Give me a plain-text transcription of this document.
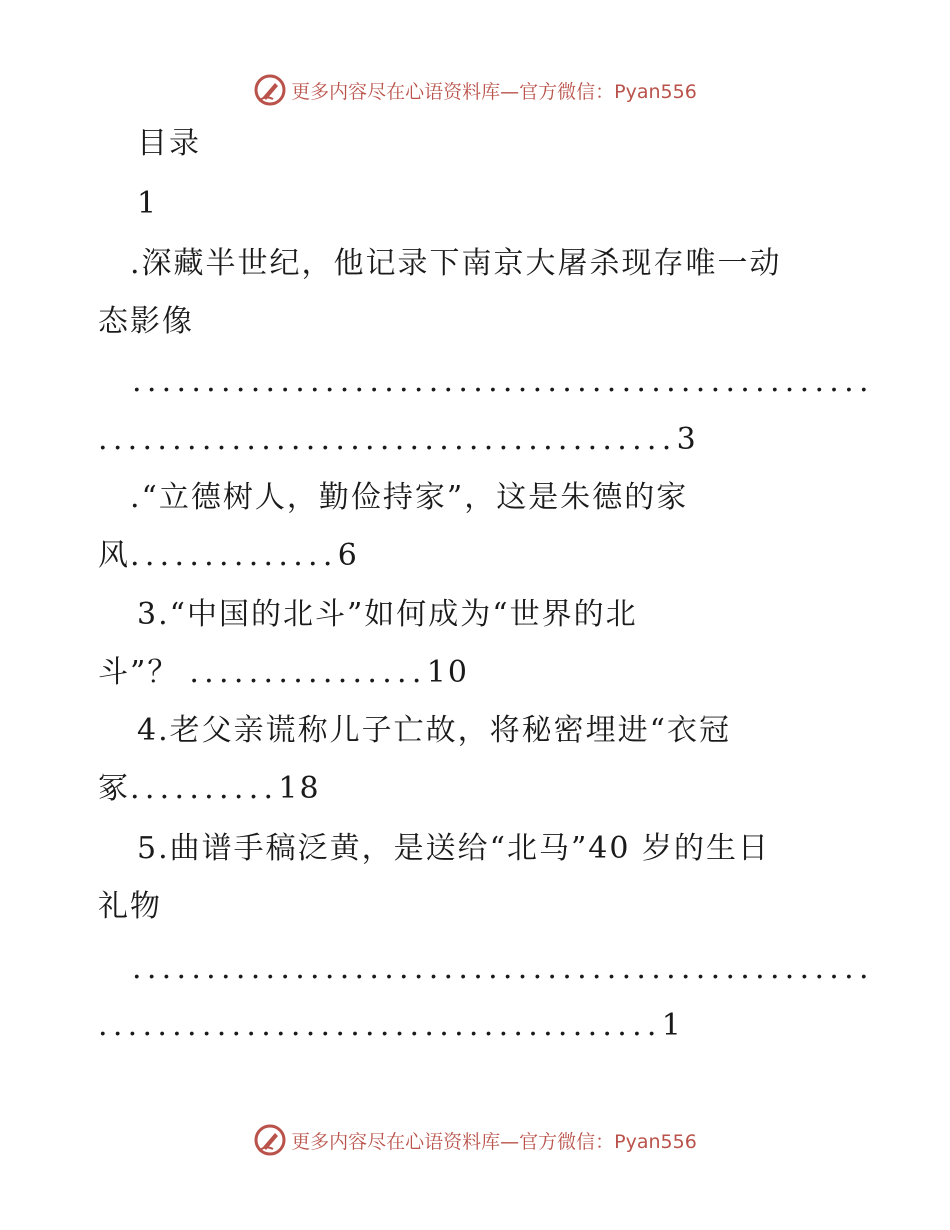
更多内容尽在心语资料库—官方微信：Pyan556
目录
1
.深藏半世纪，他记录下南京大屠杀现存唯一动
态影像
..................................................
.......................................3
.“立德树人，勤俭持家”，这是朱德的家
风..............6
3.“中国的北斗”如何成为“世界的北
斗”？ ................10
4.老父亲谎称儿子亡故，将秘密埋进“衣冠
冢..........18
5.曲谱手稿泛黄，是送给“北马”40 岁的生日
礼物
..................................................
......................................1
更多内容尽在心语资料库—官方微信：Pyan556
